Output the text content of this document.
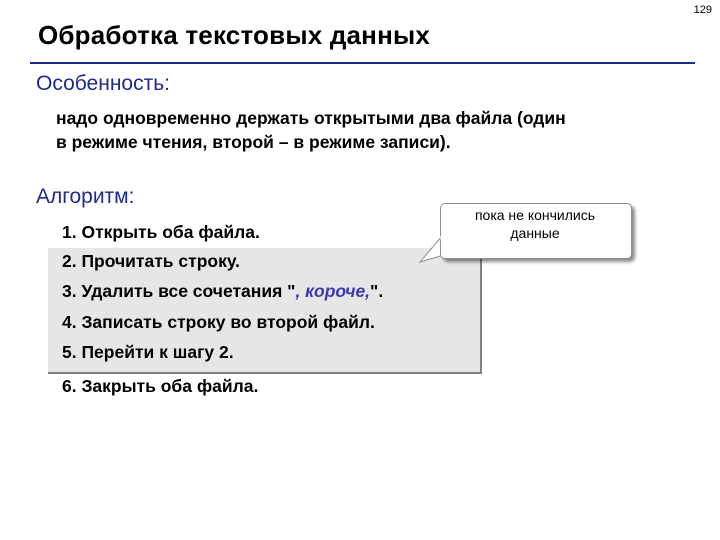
129
Обработка текстовых данных
Особенность:
надо одновременно держать открытыми два файла (один
в режиме чтения, второй – в режиме записи).
Алгоритм:
1. Открыть оба файла.
2. Прочитать строку.
3. Удалить все сочетания ", короче,".
4. Записать строку во второй файл.
5. Перейти к шагу 2.
6. Закрыть оба файла.
пока не кончились
данные
